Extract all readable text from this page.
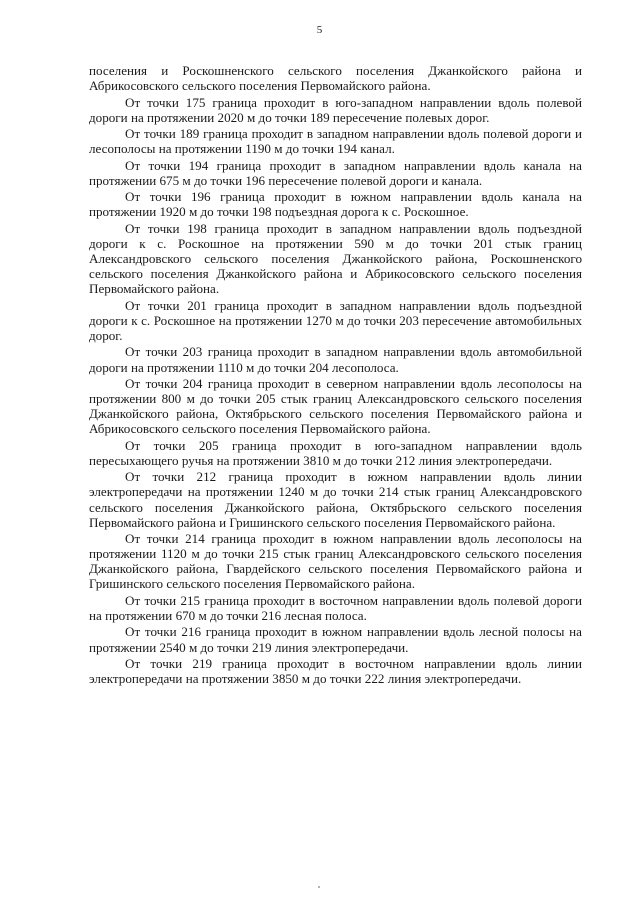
5

поселения и Роскошненского сельского поселения Джанкойского района и Абрикосовского сельского поселения Первомайского района.

От точки 175 граница проходит в юго-западном направлении вдоль полевой дороги на протяжении 2020 м до точки 189 пересечение полевых дорог.

От точки 189 граница проходит в западном направлении вдоль полевой дороги и лесополосы на протяжении 1190 м до точки 194 канал.

От точки 194 граница проходит в западном направлении вдоль канала на протяжении 675 м до точки 196 пересечение полевой дороги и канала.

От точки 196 граница проходит в южном направлении вдоль канала на протяжении 1920 м до точки 198 подъездная дорога к с. Роскошное.

От точки 198 граница проходит в западном направлении вдоль подъездной дороги к с. Роскошное на протяжении 590 м до точки 201 стык границ Александровского сельского поселения Джанкойского района, Роскошненского сельского поселения Джанкойского района и Абрикосовского сельского поселения Первомайского района.

От точки 201 граница проходит в западном направлении вдоль подъездной дороги к с. Роскошное на протяжении 1270 м до точки 203 пересечение автомобильных дорог.

От точки 203 граница проходит в западном направлении вдоль автомобильной дороги на протяжении 1110 м до точки 204 лесополоса.

От точки 204 граница проходит в северном направлении вдоль лесополосы на протяжении 800 м до точки 205 стык границ Александровского сельского поселения Джанкойского района, Октябрьского сельского поселения Первомайского района и Абрикосовского сельского поселения Первомайского района.

От точки 205 граница проходит в юго-западном направлении вдоль пересыхающего ручья на протяжении 3810 м до точки 212 линия электропередачи.

От точки 212 граница проходит в южном направлении вдоль линии электропередачи на протяжении 1240 м до точки 214 стык границ Александровского сельского поселения Джанкойского района, Октябрьского сельского поселения Первомайского района и Гришинского сельского поселения Первомайского района.

От точки 214 граница проходит в южном направлении вдоль лесополосы на протяжении 1120 м до точки 215 стык границ Александровского сельского поселения Джанкойского района, Гвардейского сельского поселения Первомайского района и Гришинского сельского поселения Первомайского района.

От точки 215 граница проходит в восточном направлении вдоль полевой дороги на протяжении 670 м до точки 216 лесная полоса.

От точки 216 граница проходит в южном направлении вдоль лесной полосы на протяжении 2540 м до точки 219 линия электропередачи.

От точки 219 граница проходит в восточном направлении вдоль линии электропередачи на протяжении 3850 м до точки 222 линия электропередачи.
